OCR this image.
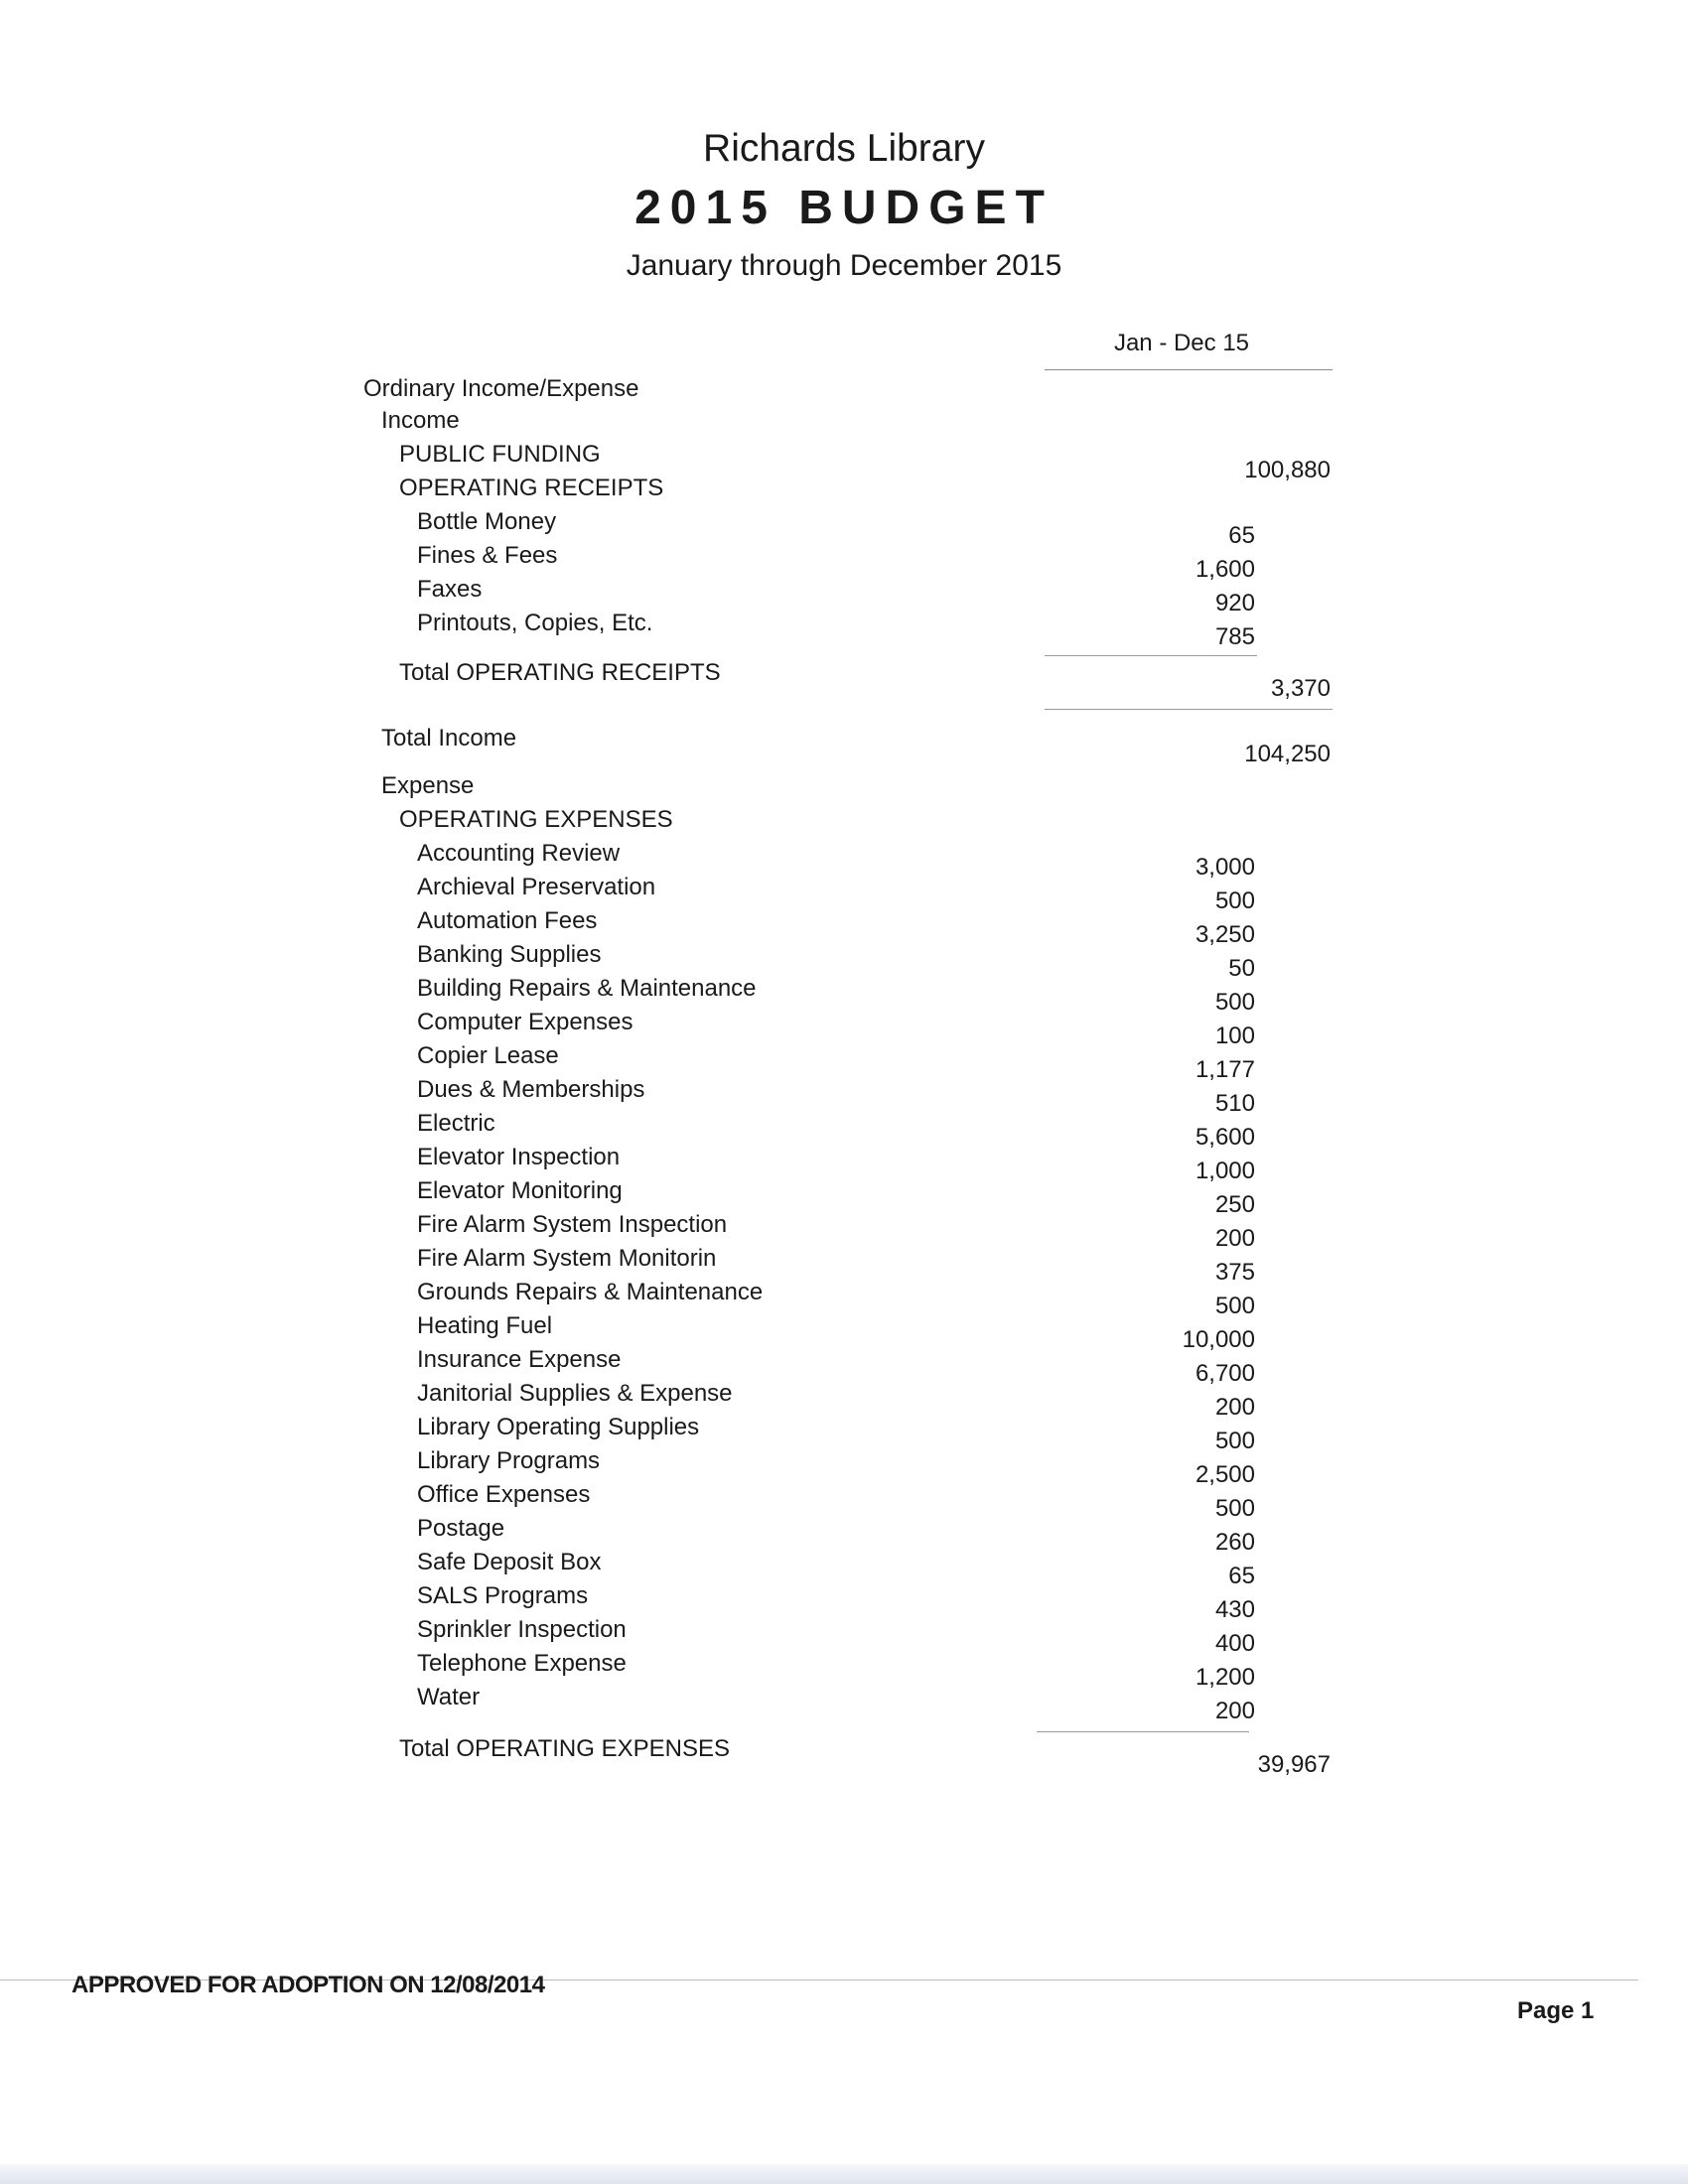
Richards Library
2015 BUDGET
January through December 2015
Jan - Dec 15
Ordinary Income/Expense
Income
PUBLIC FUNDING
100,880
OPERATING RECEIPTS
Bottle Money
65
Fines & Fees
1,600
Faxes
920
Printouts, Copies, Etc.
785
Total OPERATING RECEIPTS
3,370
Total Income
104,250
Expense
OPERATING EXPENSES
Accounting Review
3,000
Archieval Preservation
500
Automation Fees
3,250
Banking Supplies
50
Building Repairs & Maintenance
500
Computer Expenses
100
Copier Lease
1,177
Dues & Memberships
510
Electric
5,600
Elevator Inspection
1,000
Elevator Monitoring
250
Fire Alarm System Inspection
200
Fire Alarm System Monitorin
375
Grounds Repairs & Maintenance
500
Heating Fuel
10,000
Insurance Expense
6,700
Janitorial Supplies & Expense
200
Library Operating Supplies
500
Library Programs
2,500
Office Expenses
500
Postage
260
Safe Deposit Box
65
SALS Programs
430
Sprinkler Inspection
400
Telephone Expense
1,200
Water
200
Total OPERATING EXPENSES
39,967
APPROVED FOR ADOPTION ON 12/08/2014
Page 1
